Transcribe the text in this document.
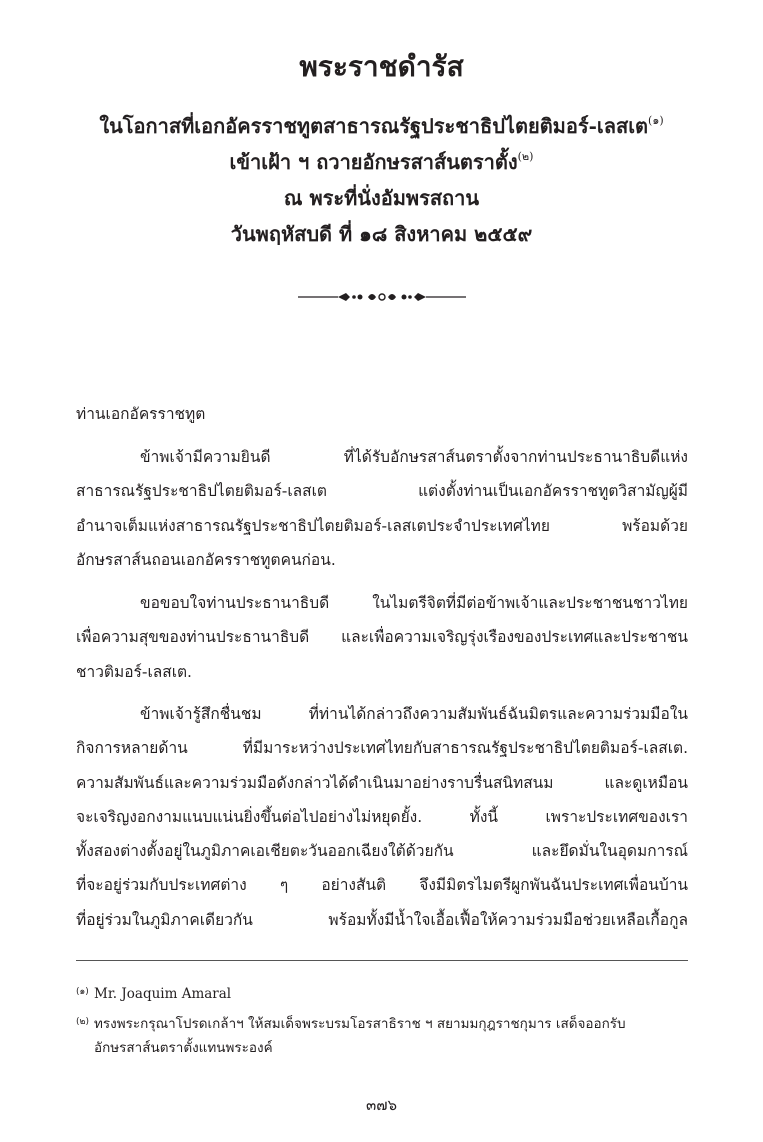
พระราชดำรัส
ในโอกาสที่เอกอัครราชทูตสาธารณรัฐประชาธิปไตยติมอร์-เลสเต$^{(๑)}$
เข้าเฝ้า ฯ ถวายอักษรสาส์นตราตั้ง$^{(๒)}$
ณ พระที่นั่งอัมพรสถาน
วันพฤหัสบดี ที่ ๑๘ สิงหาคม ๒๕๕๙
ท่านเอกอัครราชทูต
ข้าพเจ้ามีความยินดี ที่ได้รับอักษรสาส์นตราตั้งจากท่านประธานาธิบดีแห่ง
สาธารณรัฐประชาธิปไตยติมอร์-เลสเต แต่งตั้งท่านเป็นเอกอัครราชทูตวิสามัญผู้มี
อำนาจเต็มแห่งสาธารณรัฐประชาธิปไตยติมอร์-เลสเตประจำประเทศไทย พร้อมด้วย
อักษรสาส์นถอนเอกอัครราชทูตคนก่อน.
ขอขอบใจท่านประธานาธิบดี ในไมตรีจิตที่มีต่อข้าพเจ้าและประชาชนชาวไทย
เพื่อความสุขของท่านประธานาธิบดี และเพื่อความเจริญรุ่งเรืองของประเทศและประชาชน
ชาวติมอร์-เลสเต.
ข้าพเจ้ารู้สึกชื่นชม ที่ท่านได้กล่าวถึงความสัมพันธ์ฉันมิตรและความร่วมมือใน
กิจการหลายด้าน ที่มีมาระหว่างประเทศไทยกับสาธารณรัฐประชาธิปไตยติมอร์-เลสเต.
ความสัมพันธ์และความร่วมมือดังกล่าวได้ดำเนินมาอย่างราบรื่นสนิทสนม และดูเหมือน
จะเจริญงอกงามแนบแน่นยิ่งขึ้นต่อไปอย่างไม่หยุดยั้ง. ทั้งนี้ เพราะประเทศของเรา
ทั้งสองต่างตั้งอยู่ในภูมิภาคเอเชียตะวันออกเฉียงใต้ด้วยกัน และยึดมั่นในอุดมการณ์
ที่จะอยู่ร่วมกับประเทศต่าง ๆ อย่างสันติ จึงมีมิตรไมตรีผูกพันฉันประเทศเพื่อนบ้าน
ที่อยู่ร่วมในภูมิภาคเดียวกัน พร้อมทั้งมีน้ำใจเอื้อเฟื้อให้ความร่วมมือช่วยเหลือเกื้อกูล
(๑) Mr. Joaquim Amaral
(๒) ทรงพระกรุณาโปรดเกล้าฯ ให้สมเด็จพระบรมโอรสาธิราช ฯ สยามมกุฎราชกุมาร เสด็จออกรับ
อักษรสาส์นตราตั้งแทนพระองค์
๓๗๖
